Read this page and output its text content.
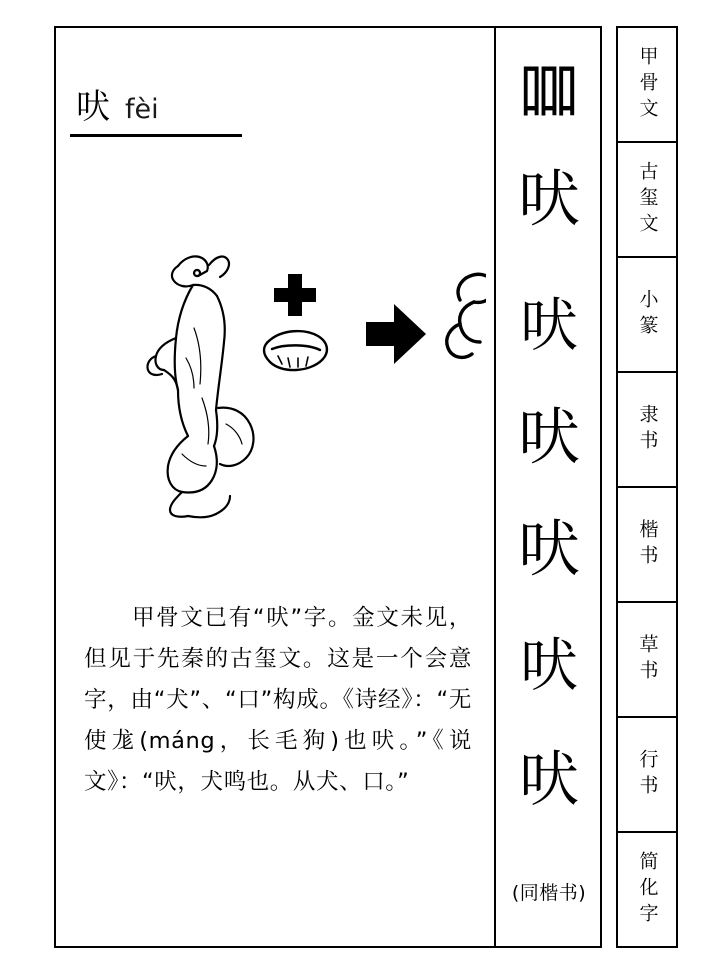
吠 fèi
甲骨文已有“吠”字。金文未见，但见于先秦的古玺文。这是一个会意字，由“犬”、“口”构成。《诗经》：“无使尨(máng，长毛狗)也吠。”《说文》：“吠，犬鸣也。从犬、口。”
𠱠
吠
吠
吠
吠
吠
吠
(同楷书)
甲骨文
古玺文
小篆
隶书
楷书
草书
行书
简化字
